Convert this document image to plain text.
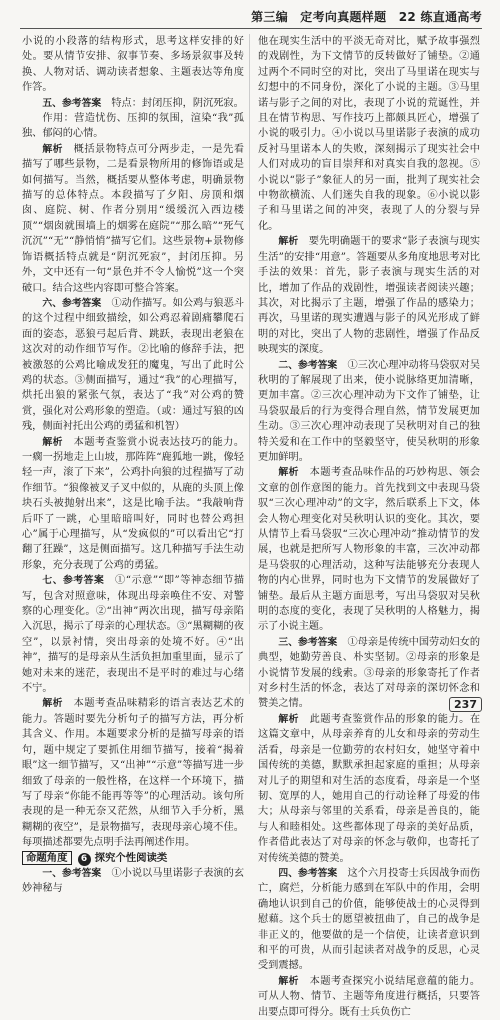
第三编　定考向真题样题　22 练直通高考

小说的小段落的结构形式，思考这样安排的好处。要从情节安排、叙事节奏、多场景叙事及转换、人物对话、调动读者想象、主题表达等角度作答。

五、参考答案　 特点：封闭压抑，阴沉死寂。

作用：营造忧伤、压抑的氛围，渲染“我”孤独、郁闷的心情。

解析　 概括景物特点可分两步走，一是先看描写了哪些景物，二是看景物所用的修饰语或是如何描写。当然，概括要从整体考虑，明确景物描写的总体特点。本段描写了夕阳、房顶和烟囱、庭院、树、作者分别用“缓缓沉入西边楼顶”“烟囱就围墙上的烟雾在庭院”“那么暗”“死气沉沉”“无”“静悄悄”描写它们。这些景物+景物修饰语概括特点就是“阴沉死寂”，封闭压抑。另外，文中还有一句“景色并不令人愉悦”这一个突破口。结合这些内容即可整合答案。

六、参考答案　 ①动作描写。如公鸡与狼恶斗的这个过程中细致描绘，如公鸡忍着剧痛攀爬石面的姿态，恶狼弓起后背、跳跃，表现出老狼在这次对的动作细节写作。②比喻的修辞手法，把被激怒的公鸡比喻成发狂的魔鬼，写出了此时公鸡的状态。③侧面描写，通过“我”的心理描写，烘托出狼的紧张气氛，表达了“我”对公鸡的赞赏，强化对公鸡形象的塑造。（或：通过写狼的凶残，侧面衬托出公鸡的勇猛和机智）

解析　 本题考查鉴赏小说表达技巧的能力。一瘸一拐地走上山坡，那阵阵“鹿狐地一跳，像轻轻一声，滚了下来”，公鸡扑向狼的过程描写了动作细节。“狼像被叉子叉中似的，从鹿的头顶上像块石头被抛射出来”，这是比喻手法。“我敲响背后吓了一跳，心里暗暗叫好，同时也替公鸡担心”属于心理描写，从“发疯似的”可以看出它“打翻了狂躁”，这是侧面描写。这几种描写手法生动形象，充分表现了公鸡的勇猛。

七、参考答案　 ①“示意”“即”等神态细节描写，包含对照意味，体现出母亲唤住不安、对警察的心理变化。②“出神”两次出现，描写母亲陷入沉思，揭示了母亲的心理状态。③“黑糊糊的夜空”，以景衬情，突出母亲的处境不好。④“出神”，描写的是母亲从生活负担加重里面，显示了她对未来的迷茫，表现出不是平时的难过与心绪不宁。

解析　 本题考查品味精彩的语言表达艺术的能力。答题时要先分析句子的描写方法，再分析其含义、作用。本题要求分析的是描写母亲的语句，题中规定了要抓住用细节描写，接着“揭着眼”这一细节描写，又“出神”“示意”等描写进一步细致了母亲的一般性格，在这样一个环境下，描写了母亲“你能不能再等等”的心理活动。该句所表现的是一种无奈又茫然，从细节入手分析，黑糊糊的夜空”，是景物描写，表现母亲心境不佳。每项描述都要先点明手法再阐述作用。

命题角度 6 探究个性阅读类

一、参考答案　 ①小说以马里诺影子表演的玄妙神秘与

他在现实生活中的平淡无奇对比，赋予故事强烈的戏剧性，为下文情节的反转做好了铺垫。②通过两个不同时空的对比，突出了马里诺在现实与幻想中的不同身份，深化了小说的主题。③马里诺与影子之间的对比，表现了小说的荒诞性，并且在情节构思、写作技巧上都颇具匠心，增强了小说的吸引力。④小说以马里诺影子表演的成功反衬马里诺本人的失败，深刻揭示了现实社会中人们对成功的盲目崇拜和对真实自我的忽视。⑤小说以“影子”象征人的另一面，批判了现实社会中物欲横流、人们迷失自我的现象。⑥小说以影子和马里诺之间的冲突，表现了人的分裂与异化。

解析　 要先明确题干的要求“影子表演与现实生活”的安排“用意”。答题要从多角度地思考对比手法的效果：首先，影子表演与现实生活的对比，增加了作品的戏剧性，增强读者阅读兴趣；其次，对比揭示了主题，增强了作品的感染力；再次，马里诺的现实遭遇与影子的风光形成了鲜明的对比，突出了人物的悲剧性，增强了作品反映现实的深度。

二、参考答案　 ①三次心理冲动将马袋驭对吴秋明的了解展现了出来，使小说脉络更加清晰，更加丰富。②三次心理冲动为下文作了铺垫，让马袋驭最后的行为变得合理自然，情节发展更加生动。③三次心理冲动表现了吴秋明对自己的独特关爱和在工作中的坚毅坚守，使吴秋明的形象更加鲜明。

解析　 本题考查品味作品的巧妙构思、领会文章的创作意图的能力。首先找到文中表现马袋驭“三次心理冲动”的文字，然后联系上下文，体会人物心理变化对吴秋明认识的变化。其次，要从情节上看马袋驭“三次心理冲动”推动情节的发展，也就是把所写人物形象的丰富，三次冲动都是马袋驭的心理活动，这种写法能够充分表现人物的内心世界，同时也为下文情节的发展做好了铺垫。最后从主题方面思考，写出马袋驭对吴秋明的态度的变化，表现了吴秋明的人格魅力，揭示了小说主题。

三、参考答案　 ①母亲是传统中国劳动妇女的典型，她勤劳善良、朴实坚韧。②母亲的形象是小说情节发展的线索。③母亲的形象寄托了作者对乡村生活的怀念，表达了对母亲的深切怀念和赞美之情。

解析　 此题考查鉴赏作品的形象的能力。在这篇文章中，从母亲养育的儿女和母亲的劳动生活看，母亲是一位勤劳的农村妇女，她坚守着中国传统的美德，默默承担起家庭的重担；从母亲对儿子的期望和对生活的态度看，母亲是一个坚韧、宽厚的人，她用自己的行动诠释了母爱的伟大；从母亲与邻里的关系看，母亲是善良的，能与人和睦相处。这些都体现了母亲的美好品质，作者借此表达了对母亲的怀念与敬仰，也寄托了对传统美德的赞美。

四、参考答案　 这个六月投寄士兵因战争而伤亡，腐烂，分析能力感到在军队中的作用，会明确地认识到自己的价值，能够使战士的心灵得到慰藉。这个兵士的愿望被扭曲了，自己的战争是非正义的，他要做的是一个信使，让读者意识到和平的可贵，从而引起读者对战争的反思，心灵受到震撼。

解析　 本题考查探究小说结尾意蕴的能力。可从人物、情节、主题等角度进行概括，只要答出要点即可得分。既有士兵负伤亡

237
